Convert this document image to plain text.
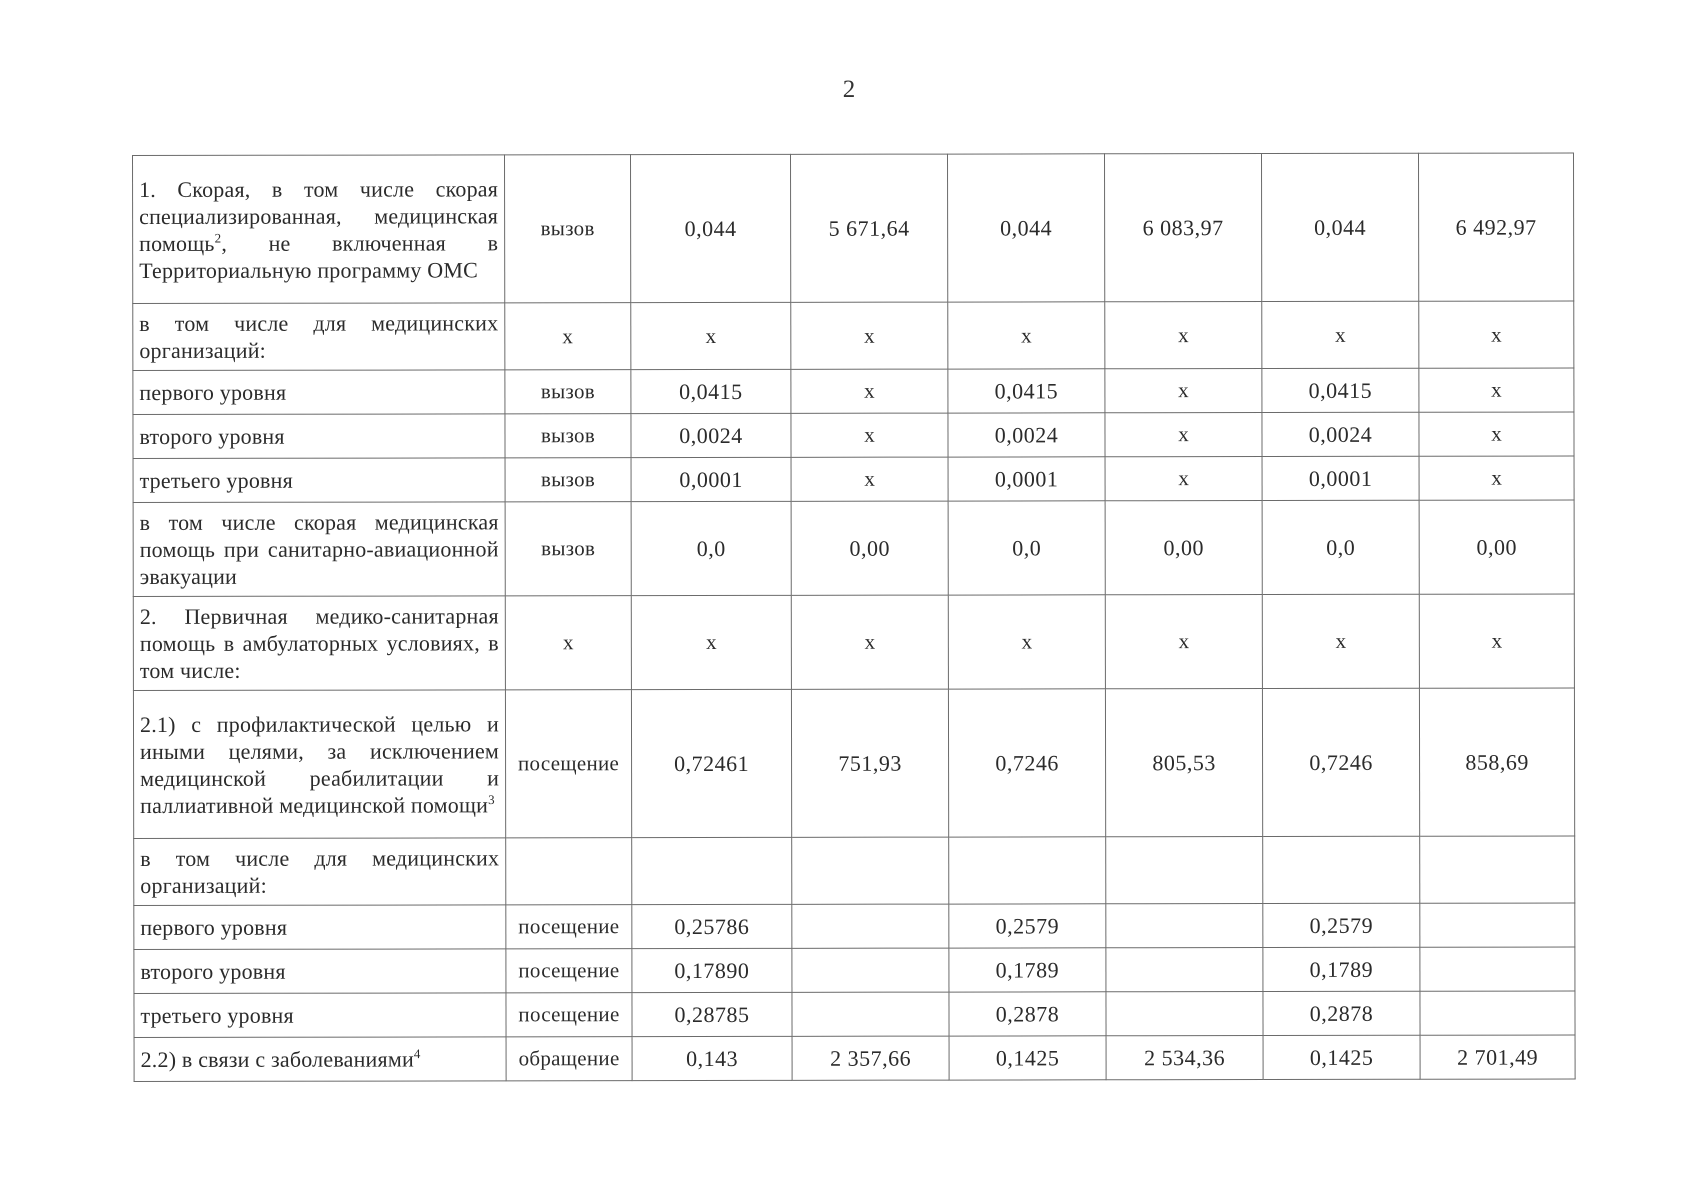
2
1. Скорая, в том числе скорая специализированная, медицинская помощь$^2$, не включенная в Территориальную программу ОМС	вызов	0,044	5 671,64	0,044	6 083,97	0,044	6 492,97
в том числе для медицинских организаций:	х	х	х	х	х	х	х
первого уровня	вызов	0,0415	х	0,0415	х	0,0415	х
второго уровня	вызов	0,0024	х	0,0024	х	0,0024	х
третьего уровня	вызов	0,0001	х	0,0001	х	0,0001	х
в том числе скорая медицинская помощь при санитарно-авиационной эвакуации	вызов	0,0	0,00	0,0	0,00	0,0	0,00
2. Первичная медико-санитарная помощь в амбулаторных условиях, в том числе:	х	х	х	х	х	х	х
2.1) с профилактической целью и иными целями, за исключением медицинской реабилитации и паллиативной медицинской помощи$^3$	посещение	0,72461	751,93	0,7246	805,53	0,7246	858,69
в том числе для медицинских организаций:							
первого уровня	посещение	0,25786		0,2579		0,2579	
второго уровня	посещение	0,17890		0,1789		0,1789	
третьего уровня	посещение	0,28785		0,2878		0,2878	
2.2) в связи с заболеваниями$^4$	обращение	0,143	2 357,66	0,1425	2 534,36	0,1425	2 701,49
